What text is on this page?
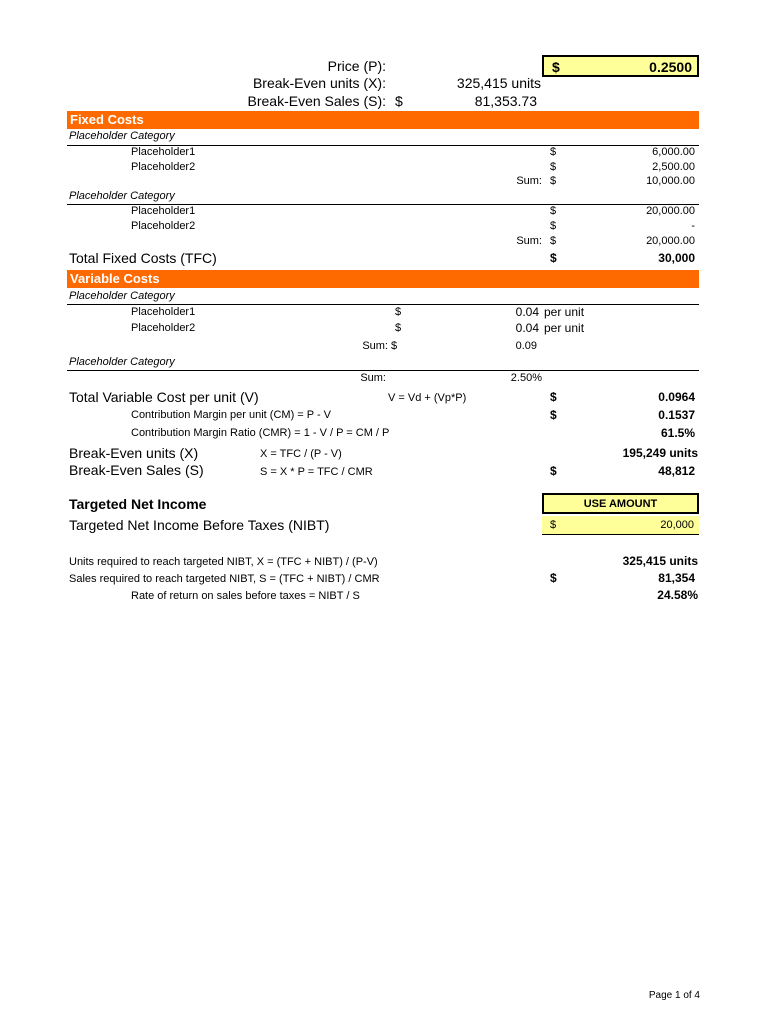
Price (P):	$	0.2500
Break-Even units (X):	325,415 units
Break-Even Sales (S): $	81,353.73
Fixed Costs
Placeholder Category
Placeholder1	$	6,000.00
Placeholder2	$	2,500.00
Sum: $	10,000.00
Placeholder Category
Placeholder1	$	20,000.00
Placeholder2	$	-
Sum: $	20,000.00
Total Fixed Costs (TFC)	$	30,000
Variable Costs
Placeholder Category
Placeholder1	$	0.04 per unit
Placeholder2	$	0.04 per unit
Sum: $	0.09
Placeholder Category
Sum:	2.50%
Total Variable Cost per unit (V)	V = Vd + (Vp*P)	$	0.0964
Contribution Margin per unit (CM) = P - V	$	0.1537
Contribution Margin Ratio (CMR) = 1 - V / P = CM / P	61.5%
Break-Even units (X)	X = TFC / (P - V)	195,249 units
Break-Even Sales (S)	S = X * P = TFC / CMR	$	48,812
Targeted Net Income	USE AMOUNT
Targeted Net Income Before Taxes (NIBT)	$	20,000
Units required to reach targeted NIBT, X = (TFC + NIBT) / (P-V)	325,415 units
Sales required to reach targeted NIBT, S = (TFC + NIBT) / CMR	$	81,354
Rate of return on sales before taxes = NIBT / S	24.58%
Page 1 of 4
